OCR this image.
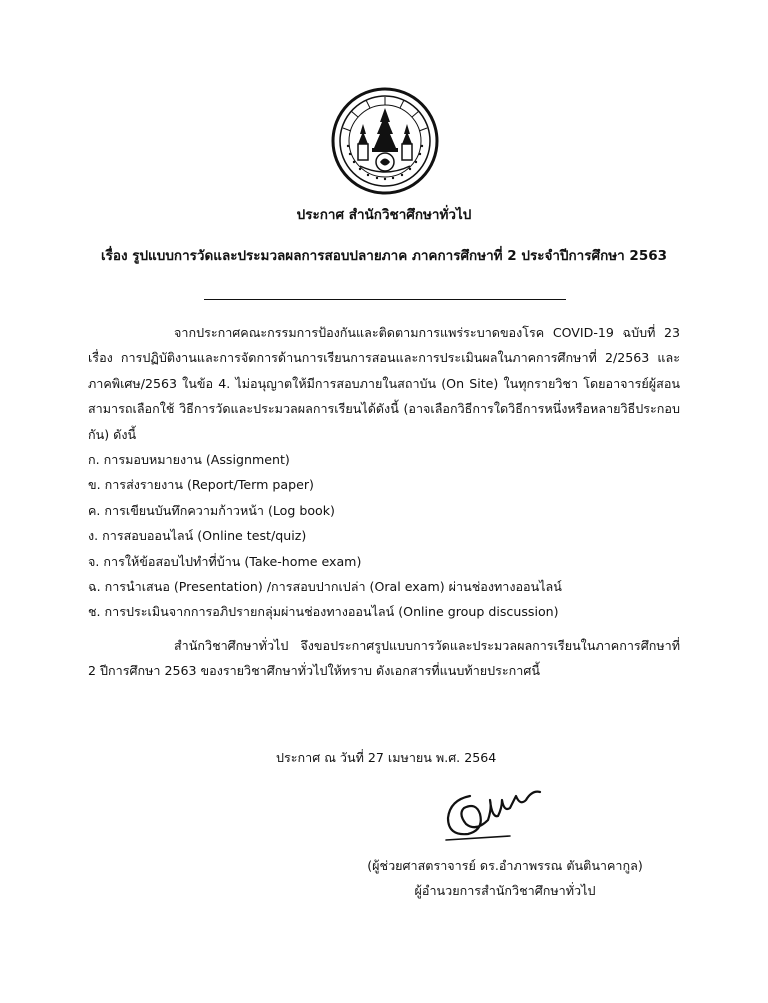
ประกาศ สำนักวิชาศึกษาทั่วไป
เรื่อง รูปแบบการวัดและประมวลผลการสอบปลายภาค ภาคการศึกษาที่ 2 ประจำปีการศึกษา 2563

จากประกาศคณะกรรมการป้องกันและติดตามการแพร่ระบาดของโรค COVID-19 ฉบับที่ 23 เรื่อง การปฏิบัติงานและการจัดการด้านการเรียนการสอนและการประเมินผลในภาคการศึกษาที่ 2/2563 และภาคพิเศษ/2563 ในข้อ 4. ไม่อนุญาตให้มีการสอบภายในสถาบัน (On Site) ในทุกรายวิชา โดยอาจารย์ผู้สอนสามารถเลือกใช้ วิธีการวัดและประมวลผลการเรียนได้ดังนี้ (อาจเลือกวิธีการใดวิธีการหนึ่งหรือหลายวิธีประกอบกัน) ดังนี้

ก. การมอบหมายงาน (Assignment)
ข. การส่งรายงาน (Report/Term paper)
ค. การเขียนบันทึกความก้าวหน้า (Log book)
ง. การสอบออนไลน์ (Online test/quiz)
จ. การให้ข้อสอบไปทำที่บ้าน (Take-home exam)
ฉ. การนำเสนอ (Presentation) /การสอบปากเปล่า (Oral exam) ผ่านช่องทางออนไลน์
ช. การประเมินจากการอภิปรายกลุ่มผ่านช่องทางออนไลน์ (Online group discussion)

สำนักวิชาศึกษาทั่วไป จึงขอประกาศรูปแบบการวัดและประมวลผลการเรียนในภาคการศึกษาที่ 2 ปีการศึกษา 2563 ของรายวิชาศึกษาทั่วไปให้ทราบ ดังเอกสารที่แนบท้ายประกาศนี้

ประกาศ ณ วันที่ 27 เมษายน พ.ศ. 2564
(ผู้ช่วยศาสตราจารย์ ดร.อำภาพรรณ ตันตินาคากูล)
ผู้อำนวยการสำนักวิชาศึกษาทั่วไป
